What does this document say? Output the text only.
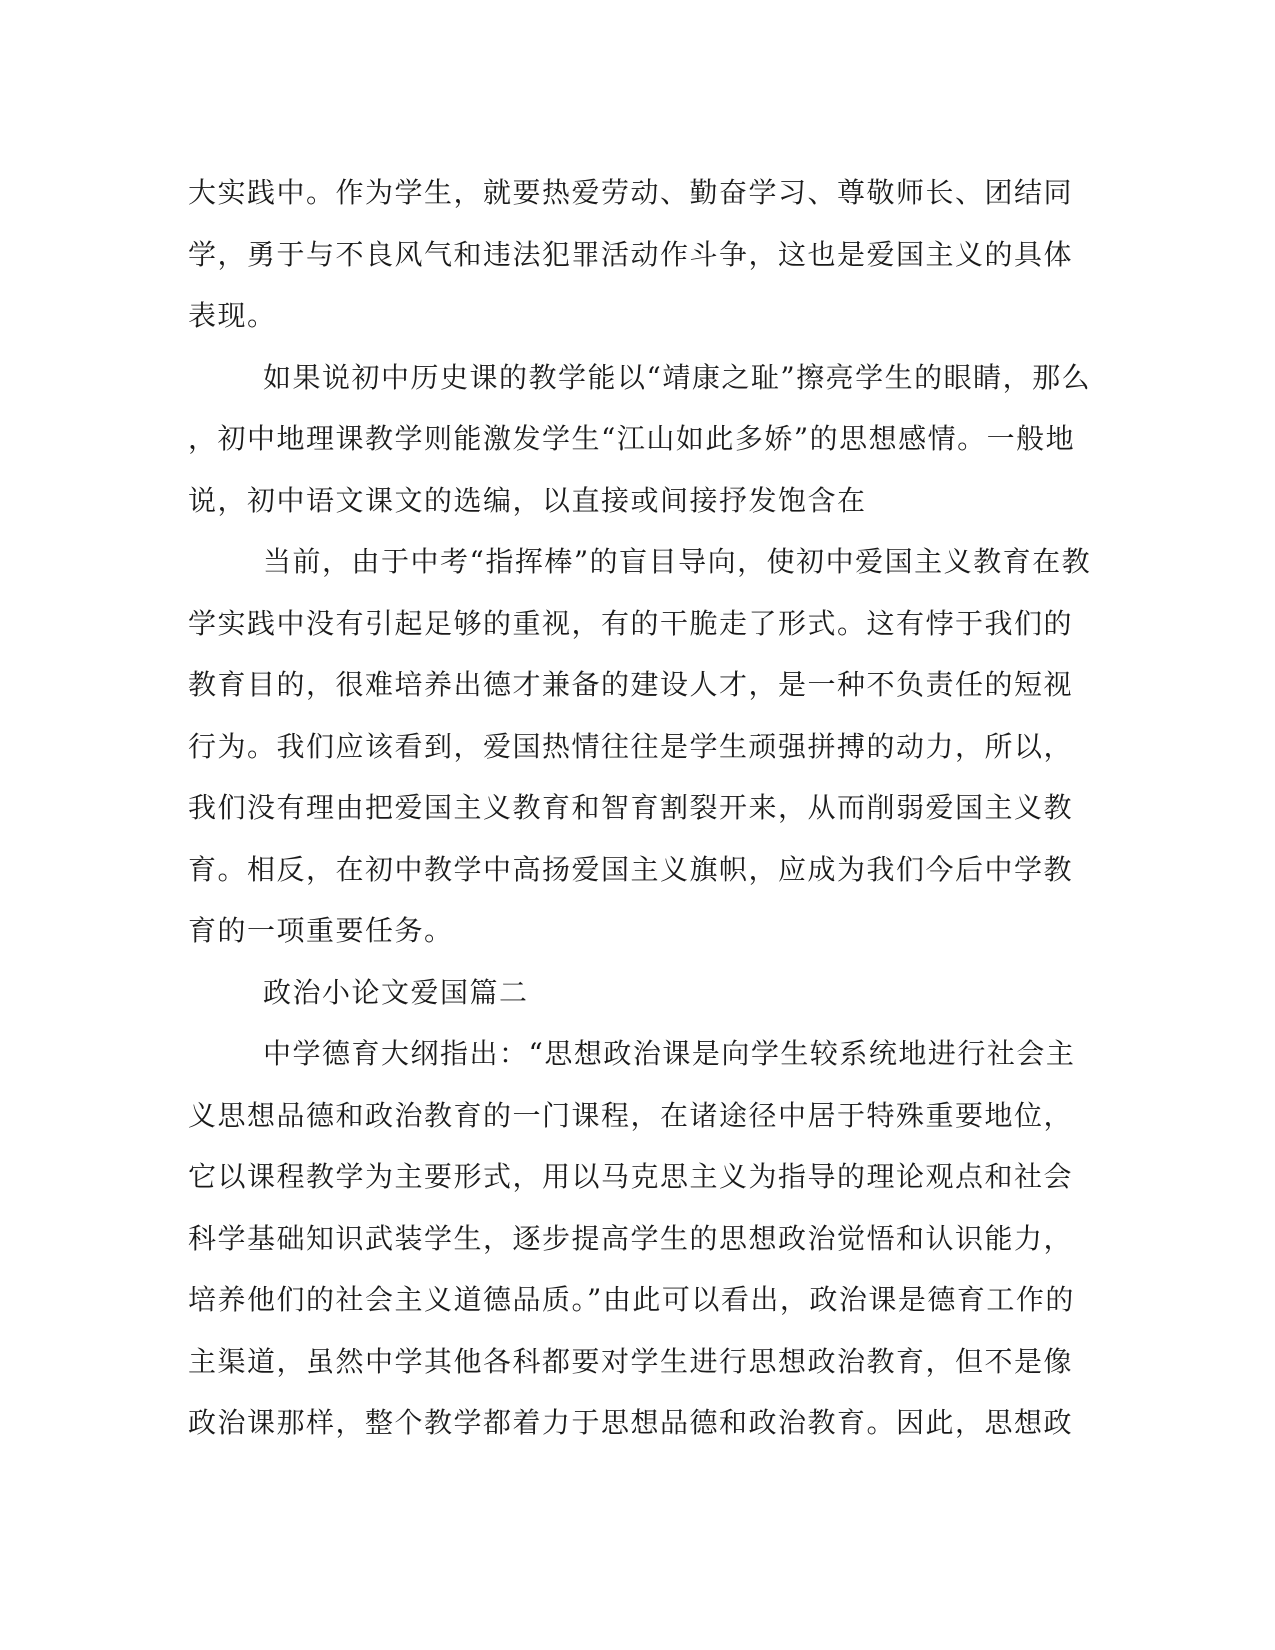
大实践中。作为学生，就要热爱劳动、勤奋学习、尊敬师长、团结同
学，勇于与不良风气和违法犯罪活动作斗争，这也是爱国主义的具体
表现。

如果说初中历史课的教学能以“靖康之耻”擦亮学生的眼睛，那么
，初中地理课教学则能激发学生“江山如此多娇”的思想感情。一般地
说，初中语文课文的选编，以直接或间接抒发饱含在

当前，由于中考“指挥棒”的盲目导向，使初中爱国主义教育在教
学实践中没有引起足够的重视，有的干脆走了形式。这有悖于我们的
教育目的，很难培养出德才兼备的建设人才，是一种不负责任的短视
行为。我们应该看到，爱国热情往往是学生顽强拼搏的动力，所以，
我们没有理由把爱国主义教育和智育割裂开来，从而削弱爱国主义教
育。相反，在初中教学中高扬爱国主义旗帜，应成为我们今后中学教
育的一项重要任务。

政治小论文爱国篇二

中学德育大纲指出：“思想政治课是向学生较系统地进行社会主
义思想品德和政治教育的一门课程，在诸途径中居于特殊重要地位，
它以课程教学为主要形式，用以马克思主义为指导的理论观点和社会
科学基础知识武装学生，逐步提高学生的思想政治觉悟和认识能力，
培养他们的社会主义道德品质。”由此可以看出，政治课是德育工作的
主渠道，虽然中学其他各科都要对学生进行思想政治教育，但不是像
政治课那样，整个教学都着力于思想品德和政治教育。因此，思想政
